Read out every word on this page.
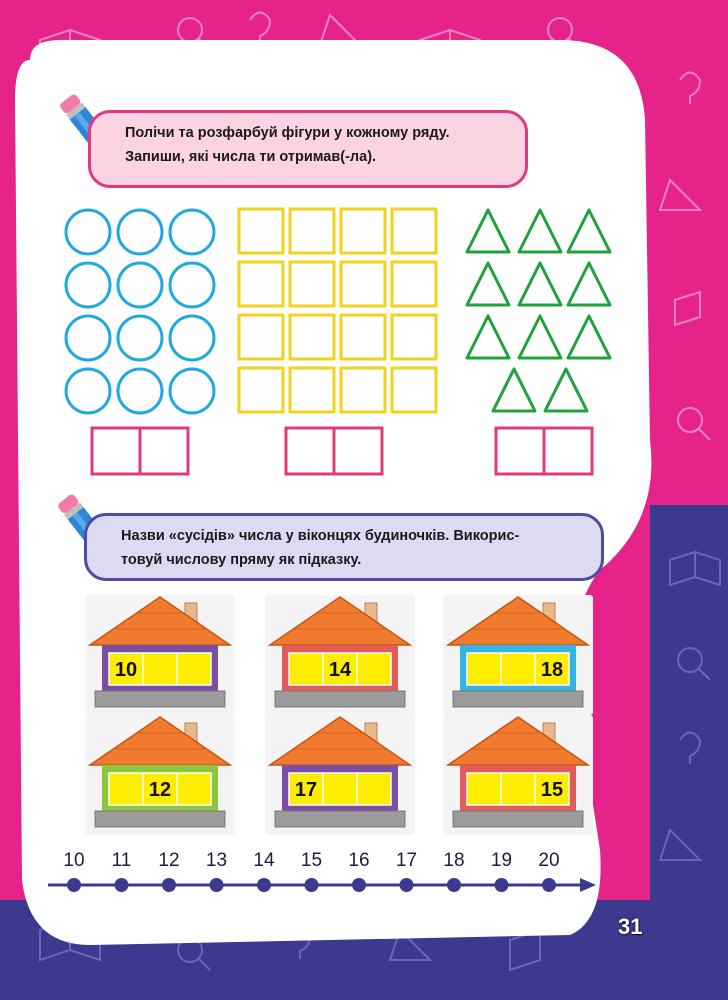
Полічи та розфарбуй фігури у кожному ряду.
Запиши, які числа ти отримав(-ла).
Назви «сусідів» числа у віконцях будиночків. Викорис-
товуй числову пряму як підказку.
10	14	18
12	17	15
10	11	12	13	14	15	16	17	18	19	20
31
